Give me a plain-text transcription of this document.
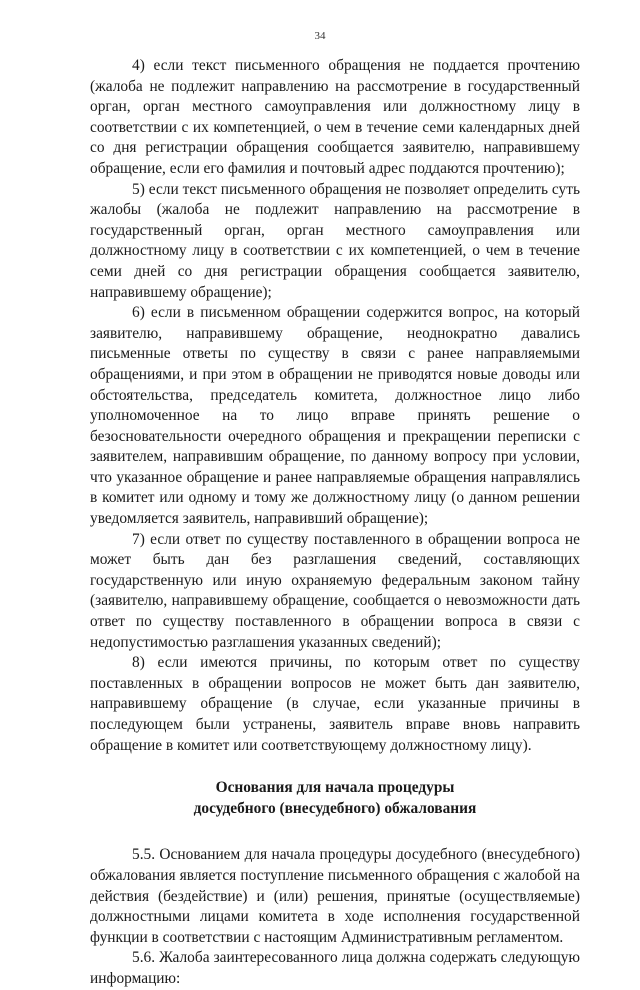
34

4) если текст письменного обращения не поддается прочтению (жалоба не подлежит направлению на рассмотрение в государственный орган, орган местного самоуправления или должностному лицу в соответствии с их компетенцией, о чем в течение семи календарных дней со дня регистрации обращения сообщается заявителю, направившему обращение, если его фамилия и почтовый адрес поддаются прочтению);

5) если текст письменного обращения не позволяет определить суть жалобы (жалоба не подлежит направлению на рассмотрение в государственный орган, орган местного самоуправления или должностному лицу в соответствии с их компетенцией, о чем в течение семи дней со дня регистрации обращения сообщается заявителю, направившему обращение);

6) если в письменном обращении содержится вопрос, на который заявителю, направившему обращение, неоднократно давались письменные ответы по существу в связи с ранее направляемыми обращениями, и при этом в обращении не приводятся новые доводы или обстоятельства, председатель комитета, должностное лицо либо уполномоченное на то лицо вправе принять решение о безосновательности очередного обращения и прекращении переписки с заявителем, направившим обращение, по данному вопросу при условии, что указанное обращение и ранее направляемые обращения направлялись в комитет или одному и тому же должностному лицу (о данном решении уведомляется заявитель, направивший обращение);

7) если ответ по существу поставленного в обращении вопроса не может быть дан без разглашения сведений, составляющих государственную или иную охраняемую федеральным законом тайну (заявителю, направившему обращение, сообщается о невозможности дать ответ по существу поставленного в обращении вопроса в связи с недопустимостью разглашения указанных сведений);

8) если имеются причины, по которым ответ по существу поставленных в обращении вопросов не может быть дан заявителю, направившему обращение (в случае, если указанные причины в последующем были устранены, заявитель вправе вновь направить обращение в комитет или соответствующему должностному лицу).

Основания для начала процедуры
досудебного (внесудебного) обжалования

5.5. Основанием для начала процедуры досудебного (внесудебного) обжалования является поступление письменного обращения с жалобой на действия (бездействие) и (или) решения, принятые (осуществляемые) должностными лицами комитета в ходе исполнения государственной функции в соответствии с настоящим Административным регламентом.

5.6. Жалоба заинтересованного лица должна содержать следующую информацию:
